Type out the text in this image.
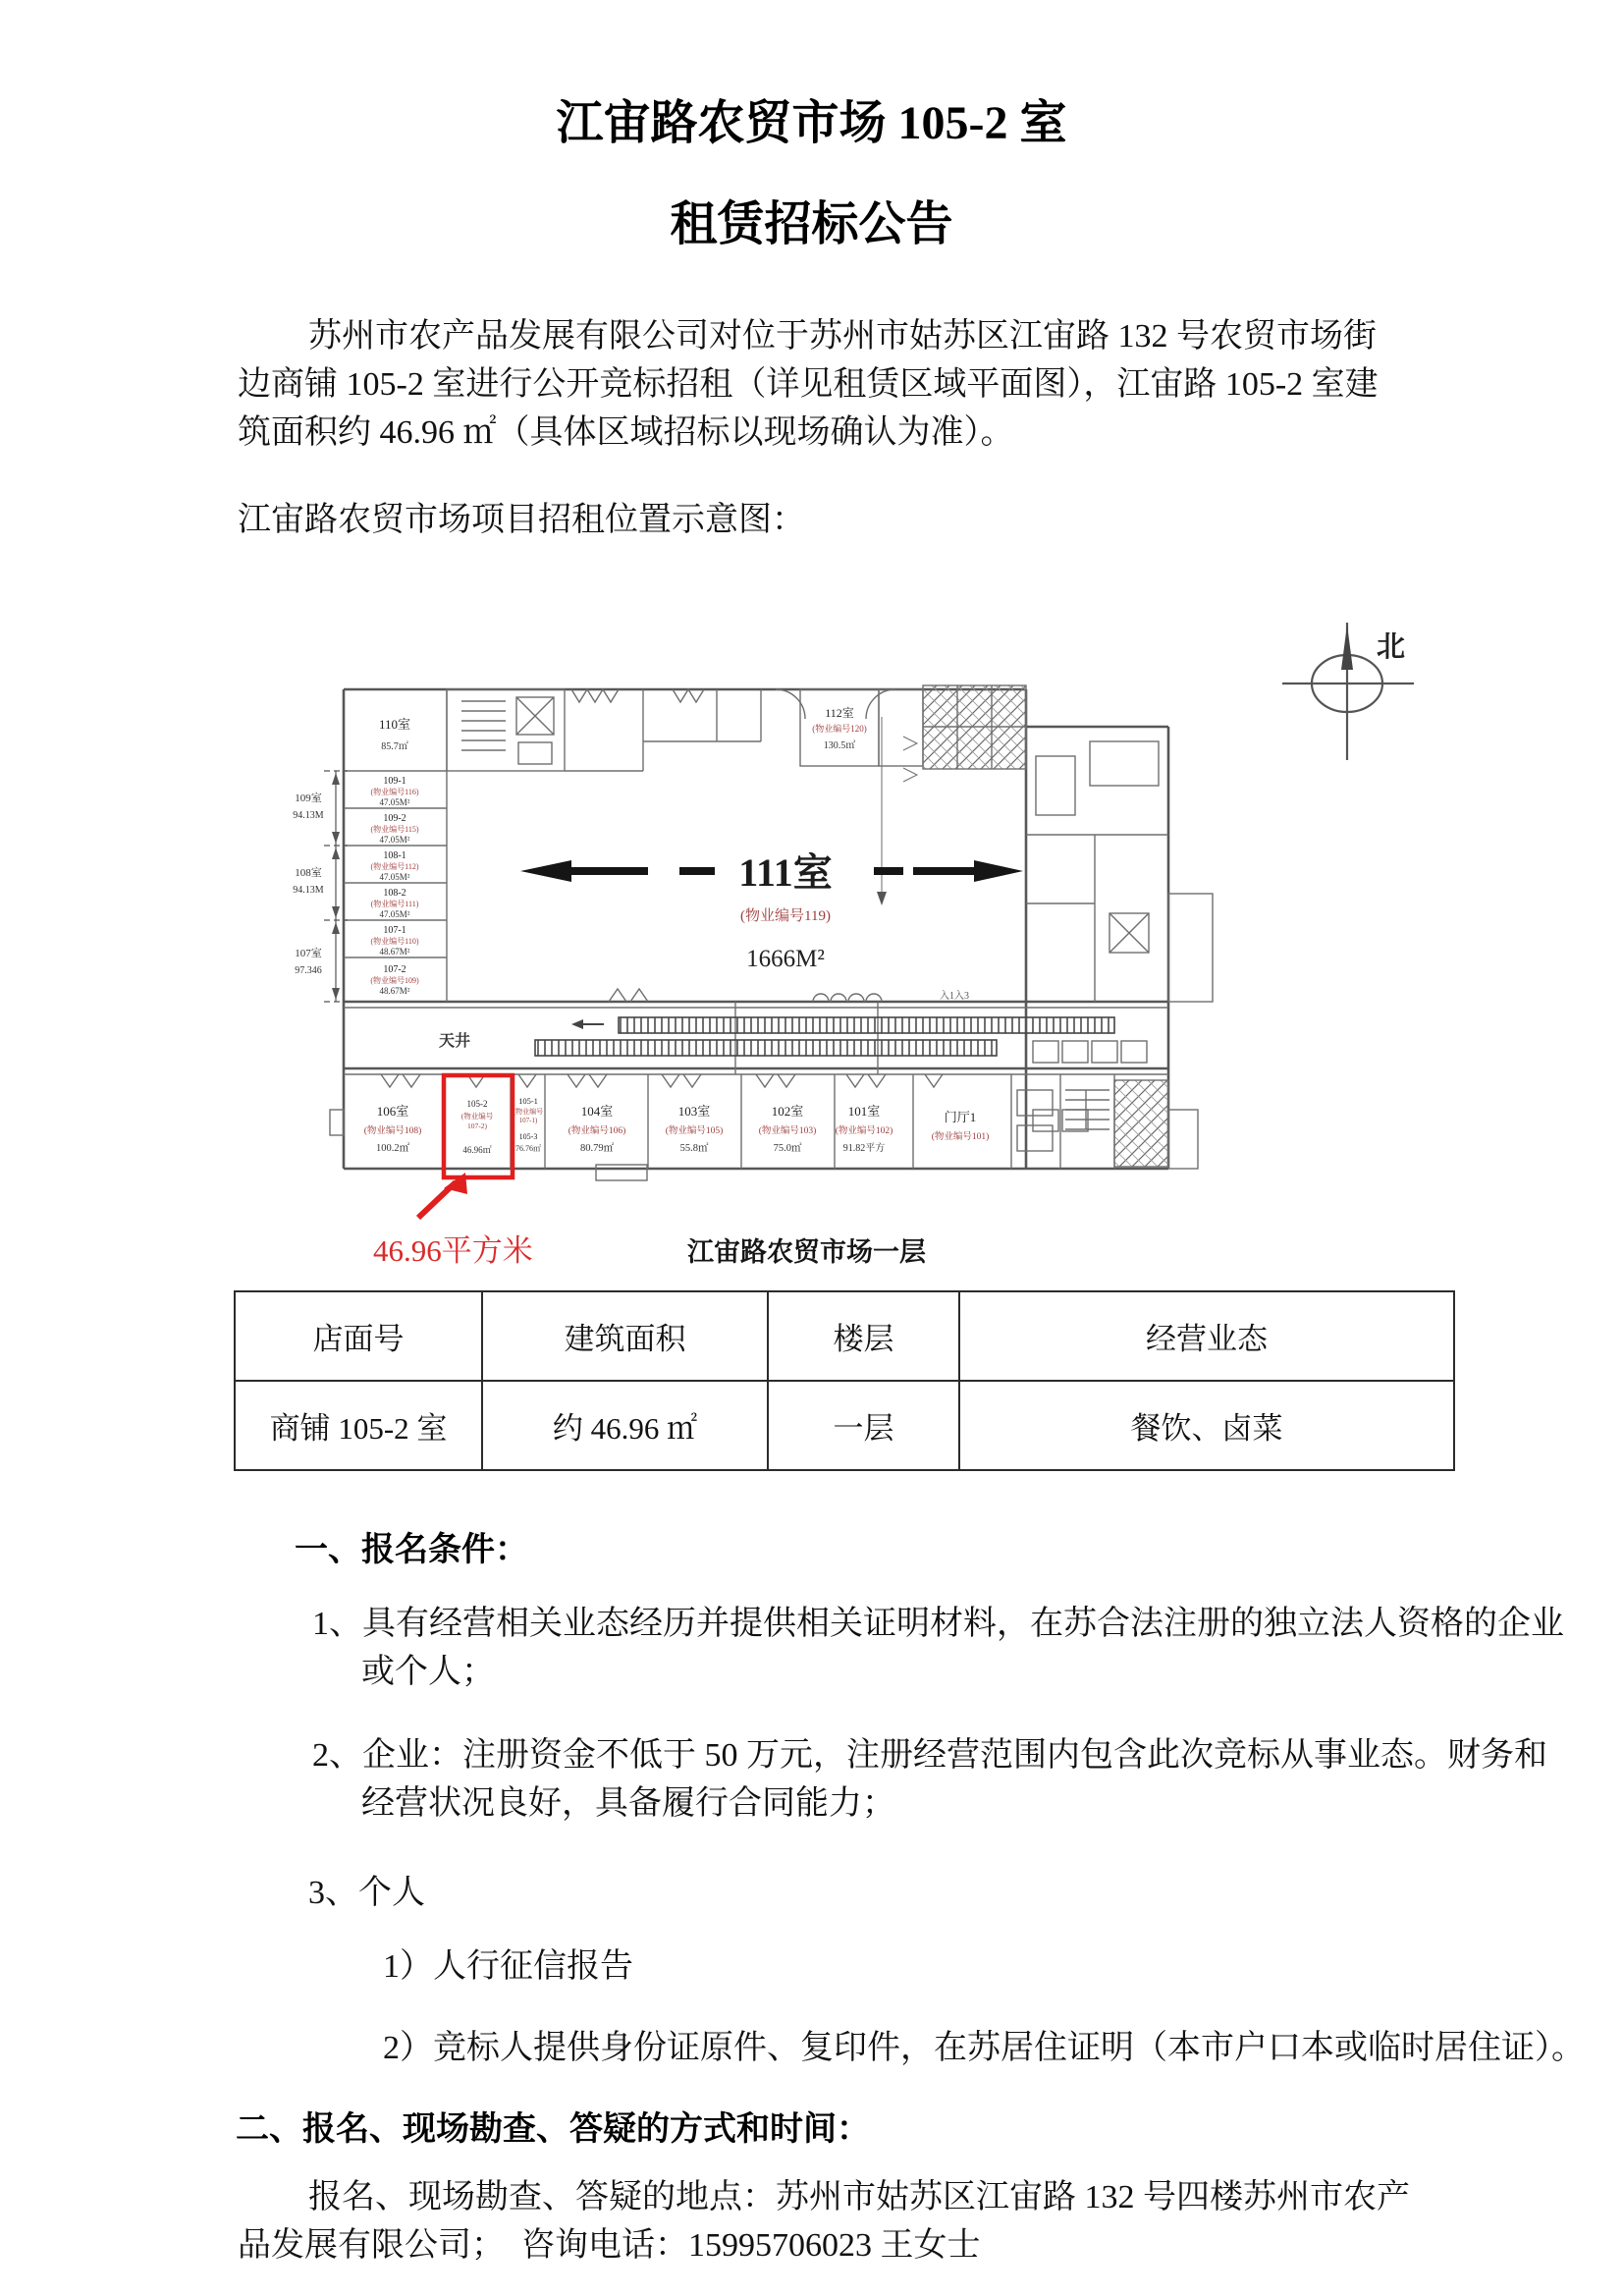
江宙路农贸市场 105-2 室
租赁招标公告
苏州市农产品发展有限公司对位于苏州市姑苏区江宙路 132 号农贸市场街
边商铺 105-2 室进行公开竞标招租（详见租赁区域平面图），江宙路 105-2 室建
筑面积约 46.96 ㎡（具体区域招标以现场确认为准）。
江宙路农贸市场项目招租位置示意图：
北
109室
94.13M
108室
94.13M
107室
97.346
110室
85.7㎡
109-1
(物业编号116)
47.05M²
109-2
(物业编号115)
47.05M²
108-1
(物业编号112)
47.05M²
108-2
(物业编号111)
47.05M²
107-1
(物业编号110)
48.67M²
107-2
(物业编号109)
48.67M²
112室
(物业编号120)
130.5㎡
111室
(物业编号119)
1666M²
天井
入1入3
106室
(物业编号108)
100.2㎡
105-2
(物业编号
107-2)
46.96㎡
105-1
(物业编号
107-1)
105-3
76.76㎡
104室
(物业编号106)
80.79㎡
103室
(物业编号105)
55.8㎡
102室
(物业编号103)
75.0㎡
101室
(物业编号102)
91.82平方
门厅1
(物业编号101)
46.96平方米	江宙路农贸市场一层
店面号	建筑面积	楼层	经营业态
商铺 105-2 室	约 46.96 ㎡	一层	餐饮、卤菜
一、报名条件：
1、具有经营相关业态经历并提供相关证明材料，在苏合法注册的独立法人资格的企业
或个人；
2、企业：注册资金不低于 50 万元，注册经营范围内包含此次竞标从事业态。财务和
经营状况良好，具备履行合同能力；
3、个人
1）人行征信报告
2）竞标人提供身份证原件、复印件，在苏居住证明（本市户口本或临时居住证）。
二、报名、现场勘查、答疑的方式和时间：
报名、现场勘查、答疑的地点：苏州市姑苏区江宙路 132 号四楼苏州市农产
品发展有限公司；　咨询电话：15995706023 王女士
